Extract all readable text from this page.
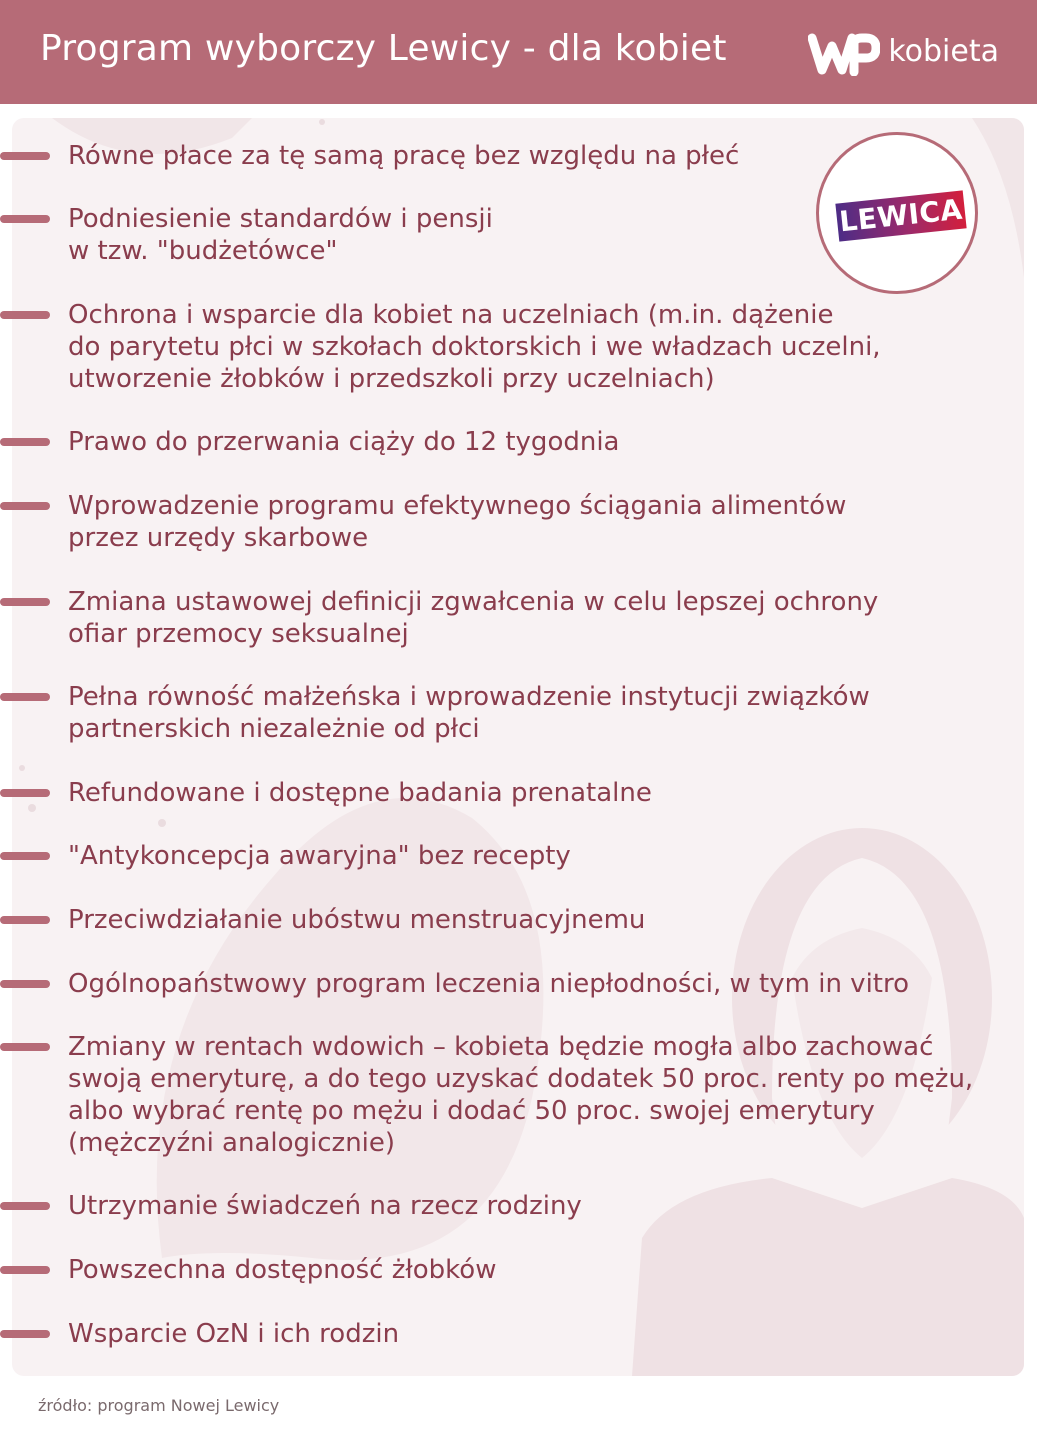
Program wyborczy Lewicy - dla kobiet	kobieta
Równe płace za tę samą pracę bez względu na płeć
Podniesienie standardów i pensji
w tzw. "budżetówce"
Ochrona i wsparcie dla kobiet na uczelniach (m.in. dążenie
do parytetu płci w szkołach doktorskich i we władzach uczelni,
utworzenie żłobków i przedszkoli przy uczelniach)
Prawo do przerwania ciąży do 12 tygodnia
Wprowadzenie programu efektywnego ściągania alimentów
przez urzędy skarbowe
Zmiana ustawowej definicji zgwałcenia w celu lepszej ochrony
ofiar przemocy seksualnej
Pełna równość małżeńska i wprowadzenie instytucji związków
partnerskich niezależnie od płci
Refundowane i dostępne badania prenatalne
"Antykoncepcja awaryjna" bez recepty
Przeciwdziałanie ubóstwu menstruacyjnemu
Ogólnopaństwowy program leczenia niepłodności, w tym in vitro
Zmiany w rentach wdowich – kobieta będzie mogła albo zachować
swoją emeryturę, a do tego uzyskać dodatek 50 proc. renty po mężu,
albo wybrać rentę po mężu i dodać 50 proc. swojej emerytury
(mężczyźni analogicznie)
Utrzymanie świadczeń na rzecz rodziny
Powszechna dostępność żłobków
Wsparcie OzN i ich rodzin
LEWICA
źródło: program Nowej Lewicy
